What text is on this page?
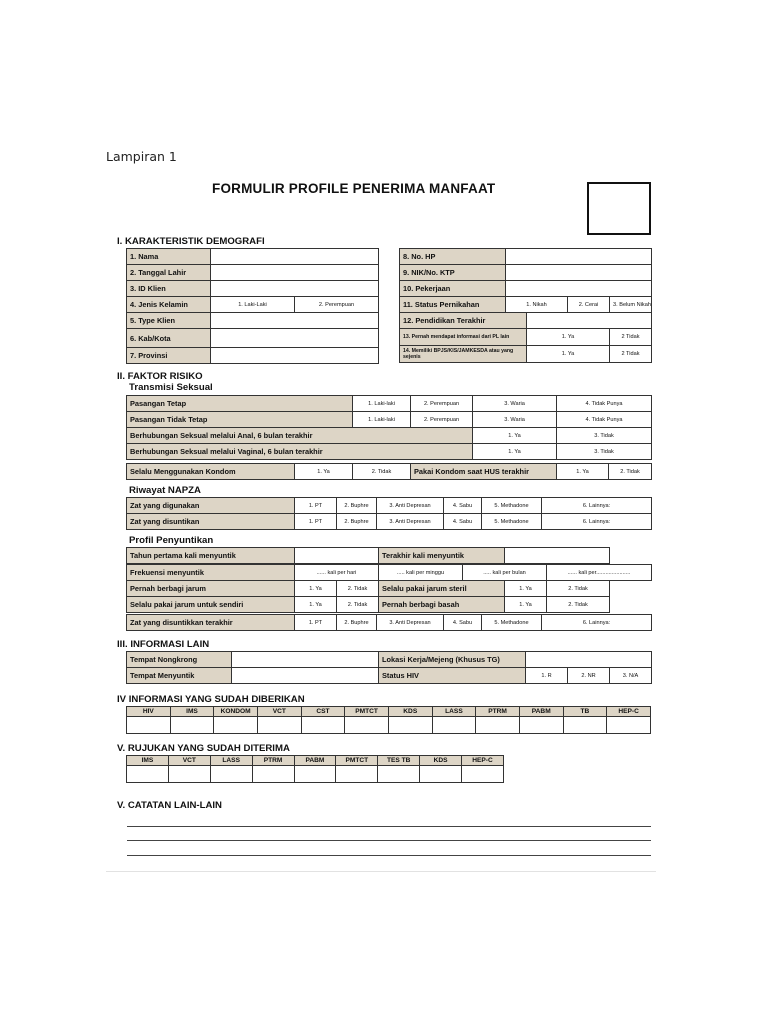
Lampiran 1
FORMULIR PROFILE PENERIMA MANFAAT
I. KARAKTERISTIK DEMOGRAFI
1. Nama		
2. Tanggal Lahir		
3. ID Klien		
4. Jenis Kelamin	1. Laki-Laki	2. Perempuan
5. Type Klien		
6. Kab/Kota		
7. Provinsi		
8. No. HP				
9. NIK/No. KTP				
10. Pekerjaan				
11. Status Pernikahan	1. Nikah		2. Cerai	3. Belum Nikah
12. Pendidikan Terakhir				
13. Pernah mendapat informasi dari PL lain		1. Ya		2 Tidak
14. Memiliki BPJS/KIS/JAMKESDA atau yang sejenis		1. Ya		2 Tidak
II. FAKTOR RISIKO
Transmisi Seksual
Pasangan Tetap	1. Laki-laki	2. Perempuan	3. Waria	4. Tidak Punya
Pasangan Tidak Tetap	1. Laki-laki	2. Perempuan	3. Waria	4. Tidak Punya
Berhubungan Seksual melalui Anal, 6 bulan terakhir			1. Ya	3. Tidak
Berhubungan Seksual melalui Vaginal, 6 bulan terakhir			1. Ya	3. Tidak
Selalu Menggunakan Kondom	1. Ya	2. Tidak	Pakai Kondom saat HUS terakhir	1. Ya	2. Tidak
Riwayat NAPZA
Zat yang digunakan	1. PT	2. Buphre	3. Anti Depresan	4. Sabu	5. Methadone	6. Lainnya:
Zat yang disuntikan	1. PT	2. Buphre	3. Anti Depresan	4. Sabu	5. Methadone	6. Lainnya:
Profil Penyuntikan
Tahun pertama kali menyuntik		Terakhir kali menyuntik	
Frekuensi menyuntik	...... kali per hari	..... kali per minggu	..... kali per bulan	...... kali per......................
Pernah berbagi jarum	1. Ya	2. Tidak	Selalu pakai jarum steril	1. Ya	2. Tidak
Selalu pakai jarum untuk sendiri	1. Ya	2. Tidak	Pernah berbagi basah	1. Ya	2. Tidak
Zat yang disuntikkan terakhir	1. PT	2. Buphre	3. Anti Depresan	4. Sabu	5. Methadone	6. Lainnya:
III. INFORMASI LAIN
Tempat Nongkrong		Lokasi Kerja/Mejeng (Khusus TG)			
Tempat Menyuntik		Status HIV	1. R	2. NR	3. N/A
IV INFORMASI YANG SUDAH DIBERIKAN
HIV	IMS	KONDOM	VCT	CST	PMTCT	KDS	LASS	PTRM	PABM	TB	HEP-C

V. RUJUKAN YANG SUDAH DITERIMA
IMS	VCT	LASS	PTRM	PABM	PMTCT	TES TB	KDS	HEP-C

V. CATATAN LAIN-LAIN
